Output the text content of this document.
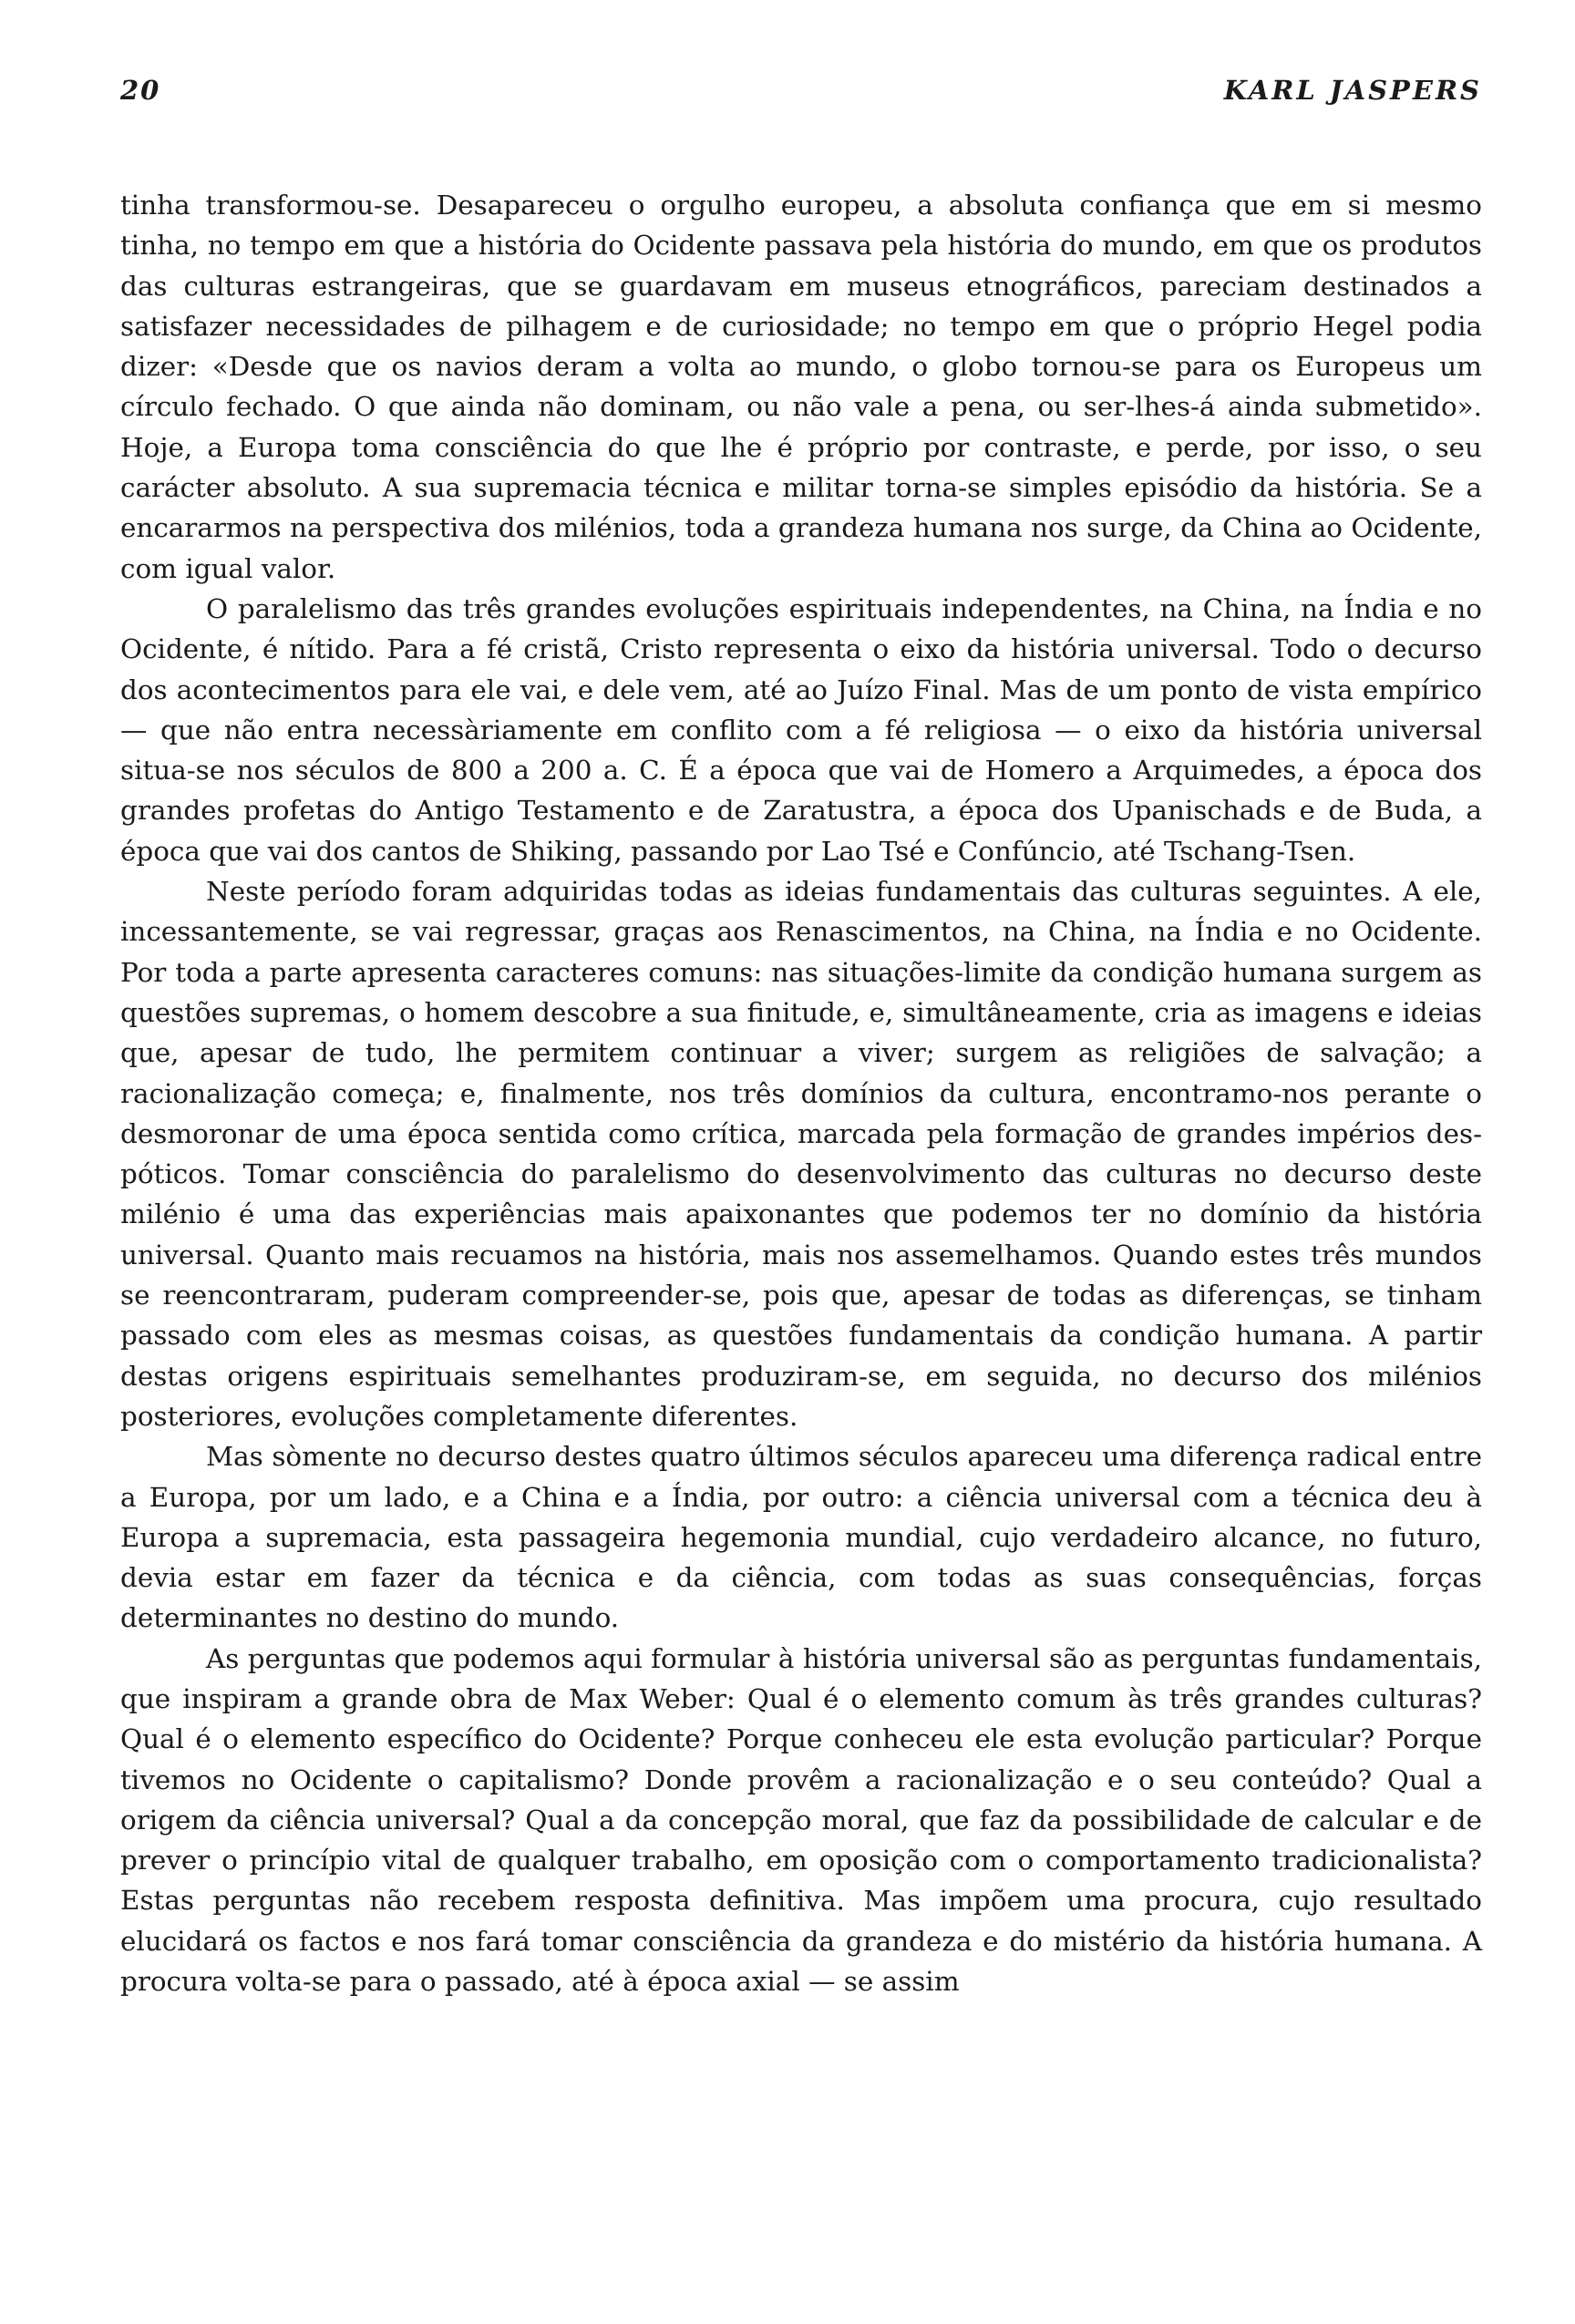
20	KARL JASPERS

tinha transformou-se. Desapareceu o orgulho europeu, a absoluta confiança que em si mesmo tinha, no tempo em que a história do Ocidente passava pela história do mundo, em que os produtos das culturas estrangeiras, que se guardavam em museus etnográficos, pareciam destinados a satisfazer necessidades de pilhagem e de curiosidade; no tempo em que o próprio Hegel podia dizer: «Desde que os navios deram a volta ao mundo, o globo tornou-se para os Europeus um círculo fechado. O que ainda não dominam, ou não vale a pena, ou ser-lhes-á ainda submetido». Hoje, a Europa toma consciência do que lhe é próprio por contraste, e perde, por isso, o seu carácter absoluto. A sua supremacia técnica e militar torna-se simples episódio da história. Se a encararmos na perspectiva dos milénios, toda a grandeza humana nos surge, da China ao Ocidente, com igual valor.

O paralelismo das três grandes evoluções espirituais independentes, na China, na Índia e no Ocidente, é nítido. Para a fé cristã, Cristo representa o eixo da história universal. Todo o decurso dos acontecimentos para ele vai, e dele vem, até ao Juízo Final. Mas de um ponto de vista empírico — que não entra necessàriamente em conflito com a fé religiosa — o eixo da história universal situa-se nos séculos de 800 a 200 a. C. É a época que vai de Homero a Arquimedes, a época dos grandes profetas do Antigo Testamento e de Zaratustra, a época dos Upanischads e de Buda, a época que vai dos cantos de Shiking, passando por Lao Tsé e Confúncio, até Tschang-Tsen.

Neste período foram adquiridas todas as ideias fundamentais das culturas seguintes. A ele, incessantemente, se vai regressar, graças aos Renascimentos, na China, na Índia e no Ocidente. Por toda a parte apresenta caracteres comuns: nas situações-limite da condição humana surgem as questões supremas, o homem descobre a sua finitude, e, simultâneamente, cria as imagens e ideias que, apesar de tudo, lhe permitem continuar a viver; surgem as religiões de salvação; a racionalização começa; e, finalmente, nos três domínios da cultura, encontramo-nos perante o desmoronar de uma época sentida como crítica, marcada pela formação de grandes impérios despóticos. Tomar consciência do paralelismo do desenvolvimento das culturas no decurso deste milénio é uma das experiências mais apaixonantes que podemos ter no domínio da história universal. Quanto mais recuamos na história, mais nos assemelhamos. Quando estes três mundos se reencontraram, puderam compreender-se, pois que, apesar de todas as diferenças, se tinham passado com eles as mesmas coisas, as questões fundamentais da condição humana. A partir destas origens espirituais semelhantes produziram-se, em seguida, no decurso dos milénios posteriores, evoluções completamente diferentes.

Mas sòmente no decurso destes quatro últimos séculos apareceu uma diferença radical entre a Europa, por um lado, e a China e a Índia, por outro: a ciência universal com a técnica deu à Europa a supremacia, esta passageira hegemonia mundial, cujo verdadeiro alcance, no futuro, devia estar em fazer da técnica e da ciência, com todas as suas consequências, forças determinantes no destino do mundo.

As perguntas que podemos aqui formular à história universal são as perguntas fundamentais, que inspiram a grande obra de Max Weber: Qual é o elemento comum às três grandes culturas? Qual é o elemento específico do Ocidente? Porque conheceu ele esta evolução particular? Porque tivemos no Ocidente o capitalismo? Donde provêm a racionalização e o seu conteúdo? Qual a origem da ciência universal? Qual a da concepção moral, que faz da possibilidade de calcular e de prever o princípio vital de qualquer trabalho, em oposição com o comportamento tradicionalista? Estas perguntas não recebem resposta definitiva. Mas impõem uma procura, cujo resultado elucidará os factos e nos fará tomar consciência da grandeza e do mistério da história humana. A procura volta-se para o passado, até à época axial — se assim
